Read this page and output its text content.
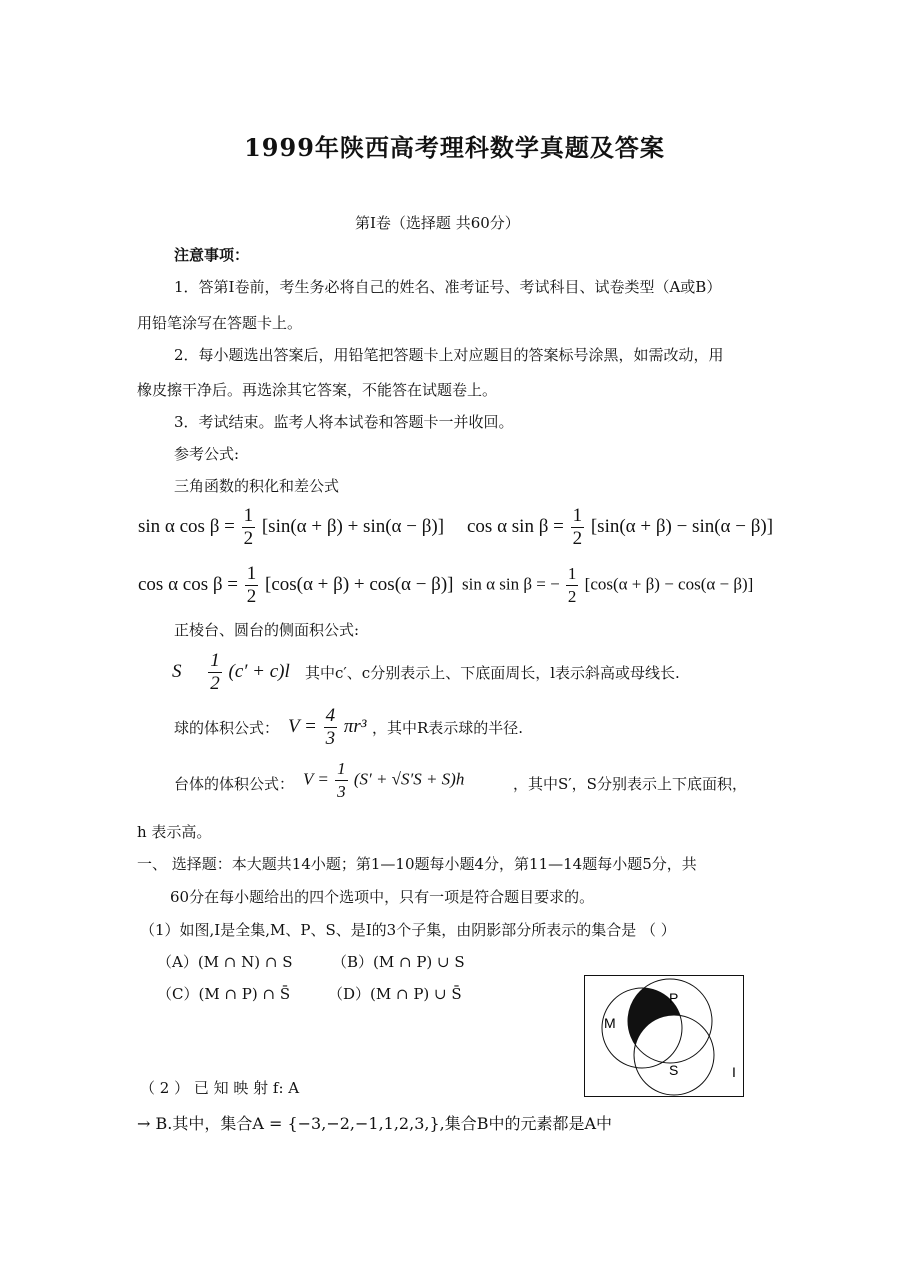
1999年陕西高考理科数学真题及答案
第Ⅰ卷（选择题 共60分）
注意事项：
1．答第Ⅰ卷前，考生务必将自己的姓名、准考证号、考试科目、试卷类型（A或B）
用铅笔涂写在答题卡上。
2．每小题选出答案后，用铅笔把答题卡上对应题目的答案标号涂黑，如需改动，用
橡皮擦干净后。再选涂其它答案，不能答在试题卷上。
3．考试结束。监考人将本试卷和答题卡一并收回。
参考公式:
三角函数的积化和差公式
sin α $\cos \beta = \frac{1}{2} [\sin(\alpha + \beta) + \sin(\alpha - \beta)]$ cos α $\sin \beta = \frac{1}{2} [\sin(\alpha + \beta) - \sin(\alpha - \beta)]$
cos α $\cos \beta = \frac{1}{2} [\cos(\alpha + \beta) + \cos(\alpha - \beta)]$ sin α sin β = − $\frac{1}{2} [\cos(\alpha + \beta) - \cos(\alpha - \beta)]$
正棱台、圆台的侧面积公式:
S $\frac{1}{2} (c' + c)l$ 其中c′、c分别表示上、下底面周长，l表示斜高或母线长.
球的体积公式： $V = \frac{4}{3} \pi r^3$ ，其中R表示球的半径.
台体的体积公式： $V = \frac{1}{3} (S' + √S'S + S)h$	，其中S′，S分别表示上下底面积，
h 表示高。
一、 选择题：本大题共14小题；第1—10题每小题4分，第11—14题每小题5分，共
60分在每小题给出的四个选项中，只有一项是符合题目要求的。
（1）如图,I是全集,M、P、S、是I的3个子集，由阴影部分所表示的集合是 （ ）
（A）(M ∩ N) ∩ S	（B）(M ∩ P) ∪ S
（C）(M ∩ P) ∩ S̄	（D）(M ∩ P) ∪ S̄
M
P
S	I
（ 2 ） 已 知 映 射 f: A
→ B.其中，集合A = {−3,−2,−1,1,2,3,},集合B中的元素都是A中
